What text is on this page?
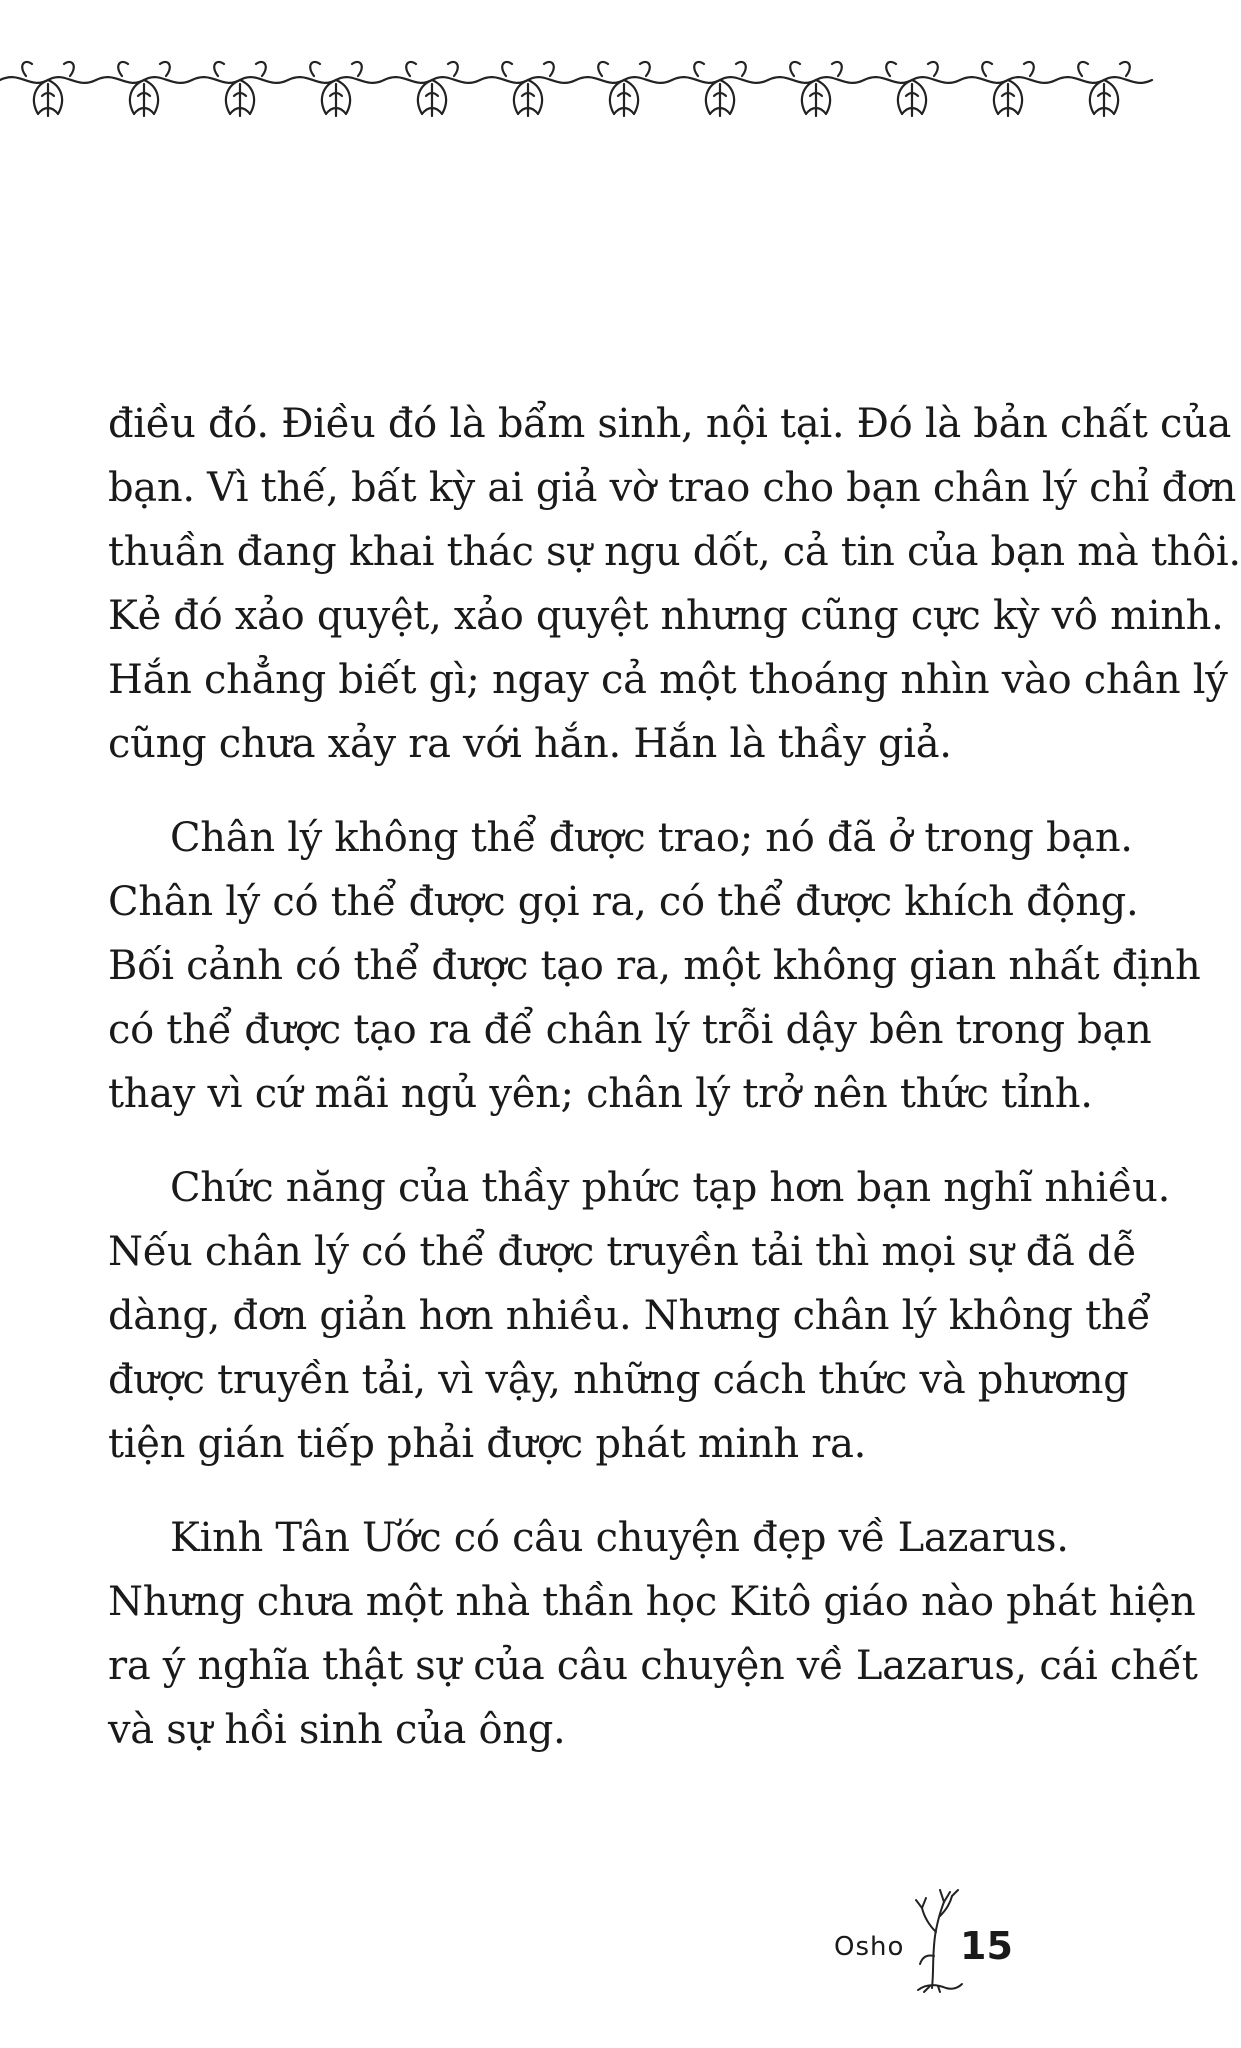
điều đó. Điều đó là bẩm sinh, nội tại. Đó là bản chất của
bạn. Vì thế, bất kỳ ai giả vờ trao cho bạn chân lý chỉ đơn
thuần đang khai thác sự ngu dốt, cả tin của bạn mà thôi.
Kẻ đó xảo quyệt, xảo quyệt nhưng cũng cực kỳ vô minh.
Hắn chẳng biết gì; ngay cả một thoáng nhìn vào chân lý
cũng chưa xảy ra với hắn. Hắn là thầy giả.
Chân lý không thể được trao; nó đã ở trong bạn.
Chân lý có thể được gọi ra, có thể được khích động.
Bối cảnh có thể được tạo ra, một không gian nhất định
có thể được tạo ra để chân lý trỗi dậy bên trong bạn
thay vì cứ mãi ngủ yên; chân lý trở nên thức tỉnh.
Chức năng của thầy phức tạp hơn bạn nghĩ nhiều.
Nếu chân lý có thể được truyền tải thì mọi sự đã dễ
dàng, đơn giản hơn nhiều. Nhưng chân lý không thể
được truyền tải, vì vậy, những cách thức và phương
tiện gián tiếp phải được phát minh ra.
Kinh Tân Ước có câu chuyện đẹp về Lazarus.
Nhưng chưa một nhà thần học Kitô giáo nào phát hiện
ra ý nghĩa thật sự của câu chuyện về Lazarus, cái chết
và sự hồi sinh của ông.
Osho 15
